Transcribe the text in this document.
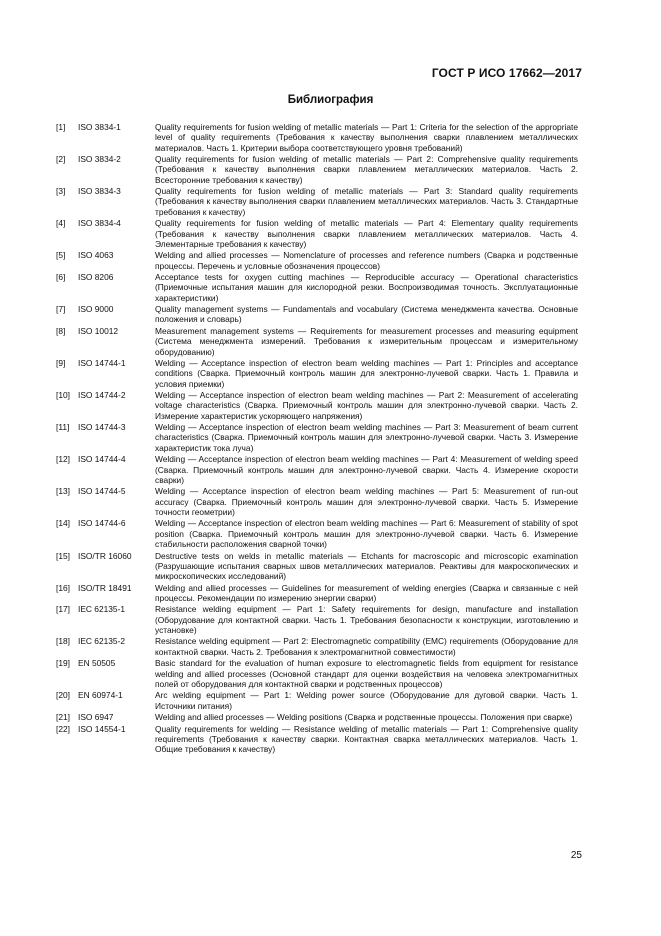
ГОСТ Р ИСО 17662—2017
Библиография
[1] ISO 3834-1	Quality requirements for fusion welding of metallic materials — Part 1: Criteria for the selection of the appropriate level of quality requirements (Требования к качеству выполнения сварки плавлением металлических материалов. Часть 1. Критерии выбора соответствующего уровня требований)
[2] ISO 3834-2	Quality requirements for fusion welding of metallic materials — Part 2: Comprehensive quality requirements (Требования к качеству выполнения сварки плавлением металлических материалов. Часть 2. Всесторонние требования к качеству)
[3] ISO 3834-3	Quality requirements for fusion welding of metallic materials — Part 3: Standard quality requirements (Требования к качеству выполнения сварки плавлением металлических материалов. Часть 3. Стандартные требования к качеству)
[4] ISO 3834-4	Quality requirements for fusion welding of metallic materials — Part 4: Elementary quality requirements (Требования к качеству выполнения сварки плавлением металлических материалов. Часть 4. Элементарные требования к качеству)
[5] ISO 4063	Welding and allied processes — Nomenclature of processes and reference numbers (Сварка и родственные процессы. Перечень и условные обозначения процессов)
[6] ISO 8206	Acceptance tests for oxygen cutting machines — Reproducible accuracy — Operational characteristics (Приемочные испытания машин для кислородной резки. Воспроизводимая точность. Эксплуатационные характеристики)
[7] ISO 9000	Quality management systems — Fundamentals and vocabulary (Система менеджмента качества. Основные положения и словарь)
[8] ISO 10012	Measurement management systems — Requirements for measurement processes and measuring equipment (Система менеджмента измерений. Требования к измерительным процессам и измерительному оборудованию)
[9] ISO 14744-1	Welding — Acceptance inspection of electron beam welding machines — Part 1: Principles and acceptance conditions (Сварка. Приемочный контроль машин для электронно-лучевой сварки. Часть 1. Правила и условия приемки)
[10] ISO 14744-2	Welding — Acceptance inspection of electron beam welding machines — Part 2: Measurement of accelerating voltage characteristics (Сварка. Приемочный контроль машин для электронно-лучевой сварки. Часть 2. Измерение характеристик ускоряющего напряжения)
[11] ISO 14744-3	Welding — Acceptance inspection of electron beam welding machines — Part 3: Measurement of beam current characteristics (Сварка. Приемочный контроль машин для электронно-лучевой сварки. Часть 3. Измерение характеристик тока луча)
[12] ISO 14744-4	Welding — Acceptance inspection of electron beam welding machines — Part 4: Measurement of welding speed (Сварка. Приемочный контроль машин для электронно-лучевой сварки. Часть 4. Измерение скорости сварки)
[13] ISO 14744-5	Welding — Acceptance inspection of electron beam welding machines — Part 5: Measurement of run-out accuracy (Сварка. Приемочный контроль машин для электронно-лучевой сварки. Часть 5. Измерение точности геометрии)
[14] ISO 14744-6	Welding — Acceptance inspection of electron beam welding machines — Part 6: Measurement of stability of spot position (Сварка. Приемочный контроль машин для электронно-лучевой сварки. Часть 6. Измерение стабильности расположения сварной точки)
[15] ISO/TR 16060	Destructive tests on welds in metallic materials — Etchants for macroscopic and microscopic examination (Разрушающие испытания сварных швов металлических материалов. Реактивы для макроскопических и микроскопических исследований)
[16] ISO/TR 18491	Welding and allied processes — Guidelines for measurement of welding energies (Сварка и связанные с ней процессы. Рекомендации по измерению энергии сварки)
[17] IEC 62135-1	Resistance welding equipment — Part 1: Safety requirements for design, manufacture and installation (Оборудование для контактной сварки. Часть 1. Требования безопасности к конструкции, изготовлению и установке)
[18] IEC 62135-2	Resistance welding equipment — Part 2: Electromagnetic compatibility (EMC) requirements (Оборудование для контактной сварки. Часть 2. Требования к электромагнитной совместимости)
[19] EN 50505	Basic standard for the evaluation of human exposure to electromagnetic fields from equipment for resistance welding and allied processes (Основной стандарт для оценки воздействия на человека электромагнитных полей от оборудования для контактной сварки и родственных процессов)
[20] EN 60974-1	Arc welding equipment — Part 1: Welding power source (Оборудование для дуговой сварки. Часть 1. Источники питания)
[21] ISO 6947	Welding and allied processes — Welding positions (Сварка и родственные процессы. Положения при сварке)
[22] ISO 14554-1	Quality requirements for welding — Resistance welding of metallic materials — Part 1: Comprehensive quality requirements (Требования к качеству сварки. Контактная сварка металлических материалов. Часть 1. Общие требования к качеству)
25
